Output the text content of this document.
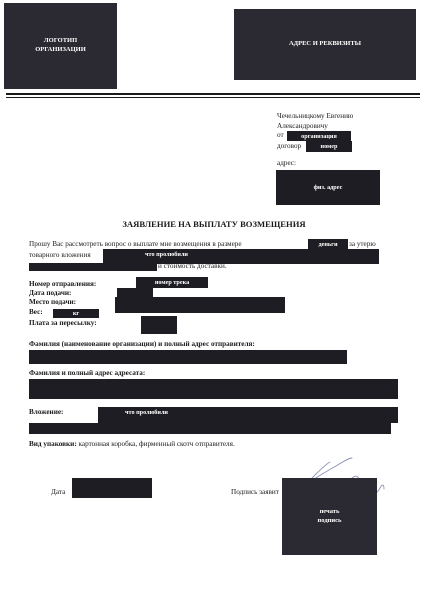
ЛОГОТИП
ОРГАНИЗАЦИИ
АДРЕС И РЕКВИЗИТЫ
Чечельницкому Евгению
Александровичу
от	организация
договор	номер
адрес:
физ. адрес
ЗАЯВЛЕНИЕ НА ВЫПЛАТУ ВОЗМЕЩЕНИЯ
Прошу Вас рассмотреть вопрос о выплате мне возмещения в размере	деньги за утерю
товарного вложения	что пролюбили
и стоимость доставки.
Номер отправления:	номер трека
Дата подачи:
Место подачи:
Вес:	кг
Плата за пересылку:
Фамилия (наименование организации) и полный адрес отправителя:
Фамилия и полный адрес адресата:
Вложение:	что пролюбили
Вид упаковки: картонная коробка, фирменный скотч отправителя.
Дата	Подпись заявит
печать
подпись
